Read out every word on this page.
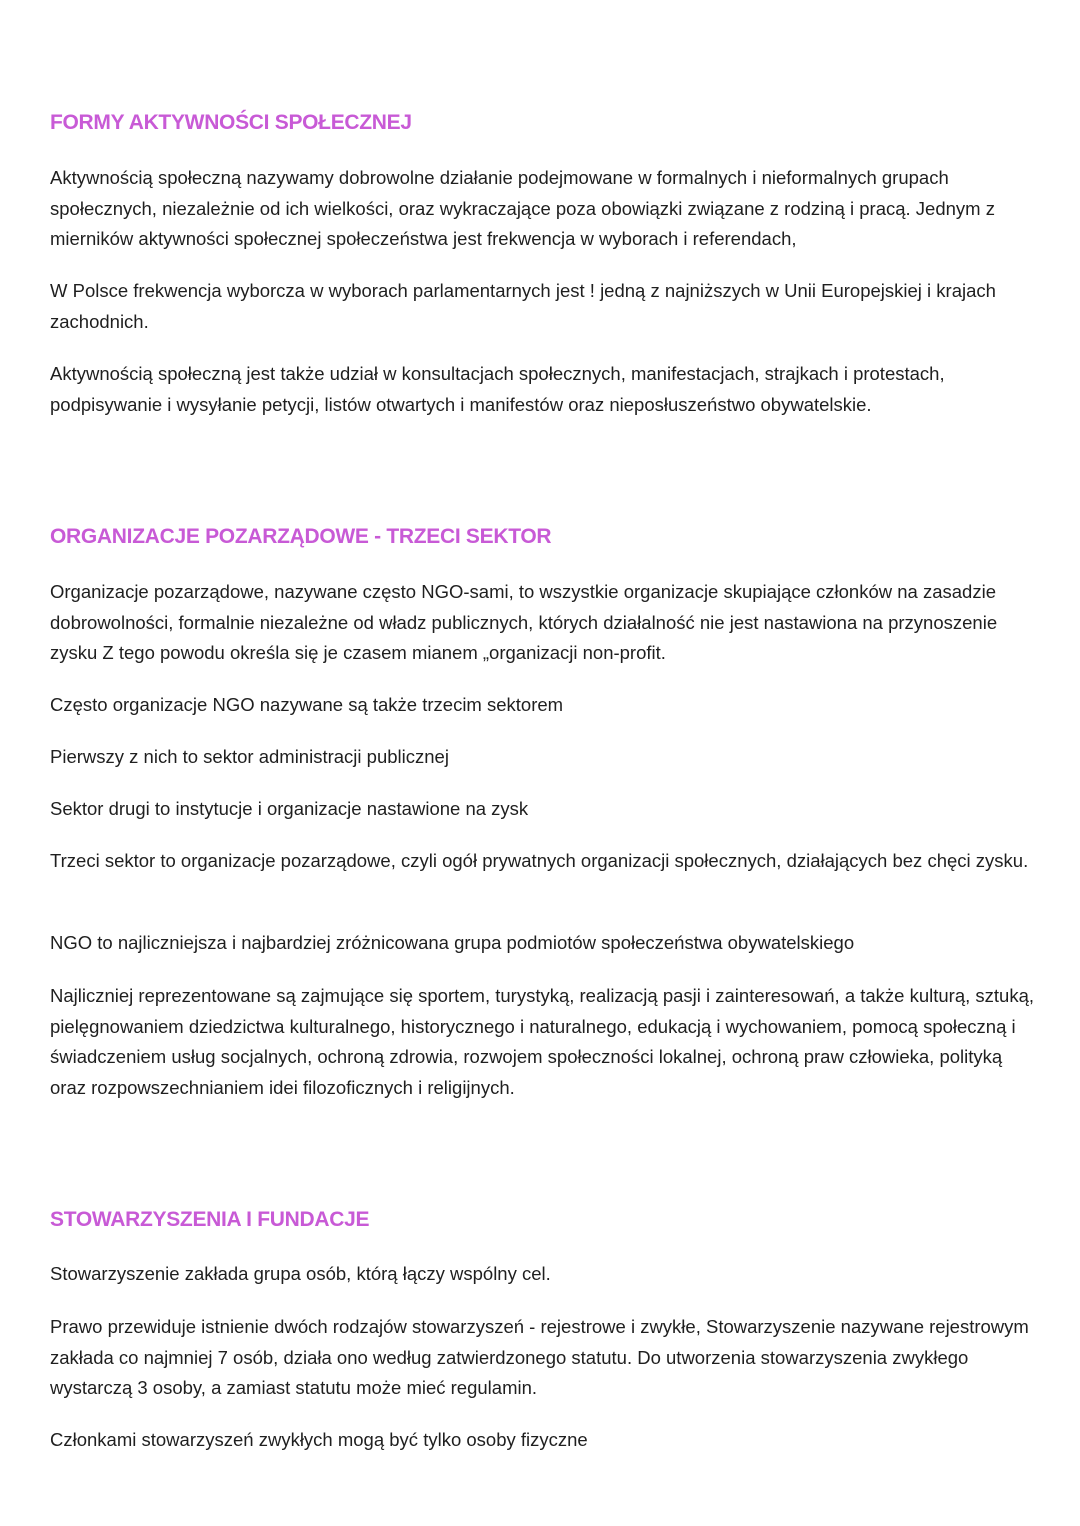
FORMY AKTYWNOŚCI SPOŁECZNEJ

Aktywnością społeczną nazywamy dobrowolne działanie podejmowane w formalnych i nieformalnych grupach społecznych, niezależnie od ich wielkości, oraz wykraczające poza obowiązki związane z rodziną i pracą. Jednym z mierników aktywności społecznej społeczeństwa jest frekwencja w wyborach i referendach,

W Polsce frekwencja wyborcza w wyborach parlamentarnych jest ! jedną z najniższych w Unii Europejskiej i krajach zachodnich.

Aktywnością społeczną jest także udział w konsultacjach społecznych, manifestacjach, strajkach i protestach, podpisywanie i wysyłanie petycji, listów otwartych i manifestów oraz nieposłuszeństwo obywatelskie.

ORGANIZACJE POZARZĄDOWE - TRZECI SEKTOR

Organizacje pozarządowe, nazywane często NGO-sami, to wszystkie organizacje skupiające członków na zasadzie dobrowolności, formalnie niezależne od władz publicznych, których działalność nie jest nastawiona na przynoszenie zysku Z tego powodu określa się je czasem mianem „organizacji non-profit.

Często organizacje NGO nazywane są także trzecim sektorem

Pierwszy z nich to sektor administracji publicznej

Sektor drugi to instytucje i organizacje nastawione na zysk

Trzeci sektor to organizacje pozarządowe, czyli ogół prywatnych organizacji społecznych, działających bez chęci zysku.

NGO to najliczniejsza i najbardziej zróżnicowana grupa podmiotów społeczeństwa obywatelskiego

Najliczniej reprezentowane są zajmujące się sportem, turystyką, realizacją pasji i zainteresowań, a także kulturą, sztuką, pielęgnowaniem dziedzictwa kulturalnego, historycznego i naturalnego, edukacją i wychowaniem, pomocą społeczną i świadczeniem usług socjalnych, ochroną zdrowia, rozwojem społeczności lokalnej, ochroną praw człowieka, polityką oraz rozpowszechnianiem idei filozoficznych i religijnych.

STOWARZYSZENIA I FUNDACJE

Stowarzyszenie zakłada grupa osób, którą łączy wspólny cel.

Prawo przewiduje istnienie dwóch rodzajów stowarzyszeń - rejestrowe i zwykłe, Stowarzyszenie nazywane rejestrowym zakłada co najmniej 7 osób, działa ono według zatwierdzonego statutu. Do utworzenia stowarzyszenia zwykłego wystarczą 3 osoby, a zamiast statutu może mieć regulamin.

Członkami stowarzyszeń zwykłych mogą być tylko osoby fizyczne
